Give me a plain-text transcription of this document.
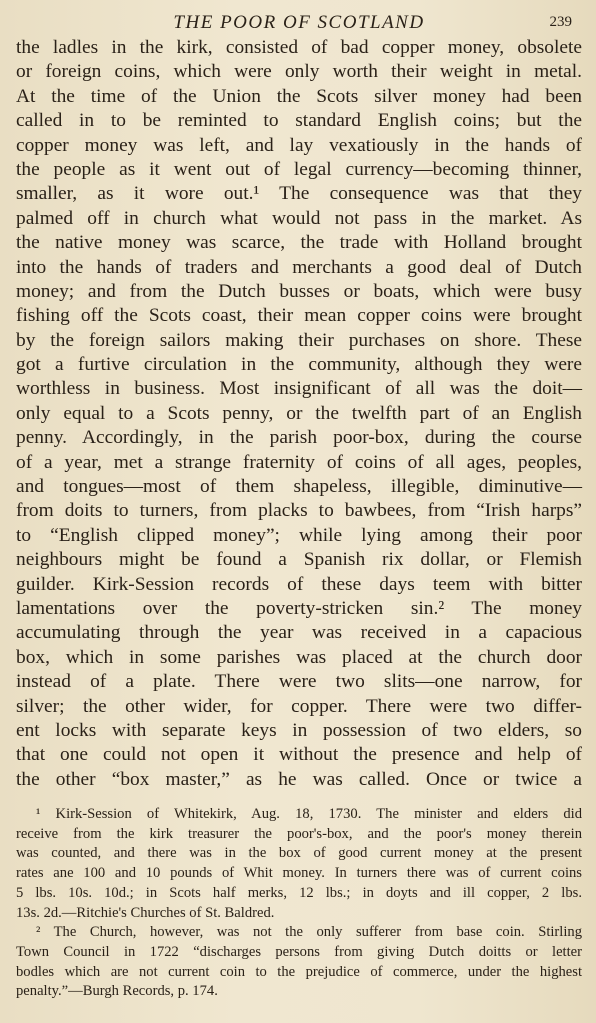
THE POOR OF SCOTLAND	239
the ladles in the kirk, consisted of bad copper money, obsolete
or foreign coins, which were only worth their weight in metal.
At the time of the Union the Scots silver money had been
called in to be reminted to standard English coins; but the
copper money was left, and lay vexatiously in the hands of
the people as it went out of legal currency—becoming thinner,
smaller, as it wore out.¹ The consequence was that they
palmed off in church what would not pass in the market. As
the native money was scarce, the trade with Holland brought
into the hands of traders and merchants a good deal of Dutch
money; and from the Dutch busses or boats, which were busy
fishing off the Scots coast, their mean copper coins were brought
by the foreign sailors making their purchases on shore. These
got a furtive circulation in the community, although they were
worthless in business. Most insignificant of all was the doit—
only equal to a Scots penny, or the twelfth part of an English
penny. Accordingly, in the parish poor-box, during the course
of a year, met a strange fraternity of coins of all ages, peoples,
and tongues—most of them shapeless, illegible, diminutive—
from doits to turners, from placks to bawbees, from “Irish harps”
to “English clipped money”; while lying among their poor
neighbours might be found a Spanish rix dollar, or Flemish
guilder. Kirk-Session records of these days teem with bitter
lamentations over the poverty-stricken sin.² The money
accumulating through the year was received in a capacious
box, which in some parishes was placed at the church door
instead of a plate. There were two slits—one narrow, for
silver; the other wider, for copper. There were two differ-
ent locks with separate keys in possession of two elders, so
that one could not open it without the presence and help of
the other “box master,” as he was called. Once or twice a
¹ Kirk-Session of Whitekirk, Aug. 18, 1730. The minister and elders did
receive from the kirk treasurer the poor's-box, and the poor's money therein
was counted, and there was in the box of good current money at the present
rates ane 100 and 10 pounds of Whit money. In turners there was of current coins
5 lbs. 10s. 10d.; in Scots half merks, 12 lbs.; in doyts and ill copper, 2 lbs.
13s. 2d.—Ritchie's Churches of St. Baldred.
² The Church, however, was not the only sufferer from base coin. Stirling
Town Council in 1722 “discharges persons from giving Dutch doitts or letter
bodles which are not current coin to the prejudice of commerce, under the highest
penalty.”—Burgh Records, p. 174.
